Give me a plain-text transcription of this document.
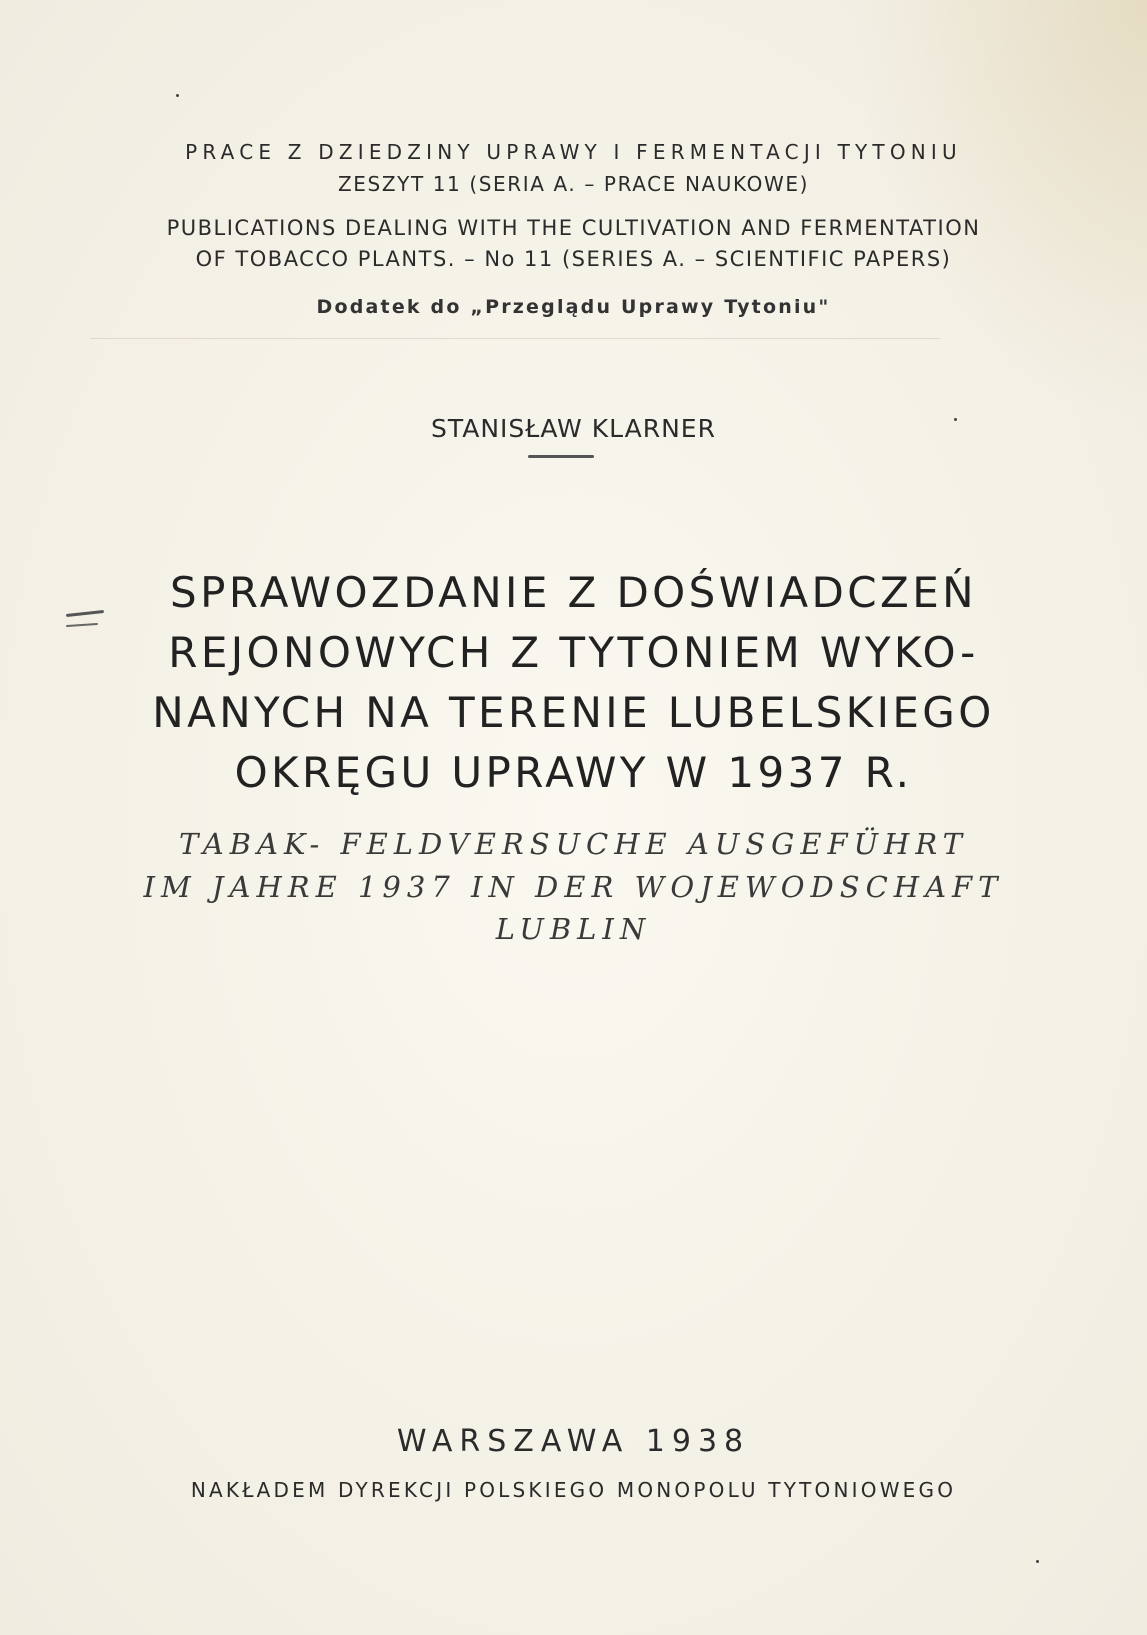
PRACE Z DZIEDZINY UPRAWY I FERMENTACJI TYTONIU
ZESZYT 11 (SERIA A. – PRACE NAUKOWE)
PUBLICATIONS DEALING WITH THE CULTIVATION AND FERMENTATION
OF TOBACCO PLANTS. – No 11 (SERIES A. – SCIENTIFIC PAPERS)
Dodatek do „Przeglądu Uprawy Tytoniu"
STANISŁAW KLARNER
SPRAWOZDANIE Z DOŚWIADCZEŃ
REJONOWYCH Z TYTONIEM WYKO-
NANYCH NA TERENIE LUBELSKIEGO
OKRĘGU UPRAWY W 1937 R.
TABAK- FELDVERSUCHE AUSGEFÜHRT
IM JAHRE 1937 IN DER WOJEWODSCHAFT
LUBLIN
WARSZAWA 1938
NAKŁADEM DYREKCJI POLSKIEGO MONOPOLU TYTONIOWEGO
